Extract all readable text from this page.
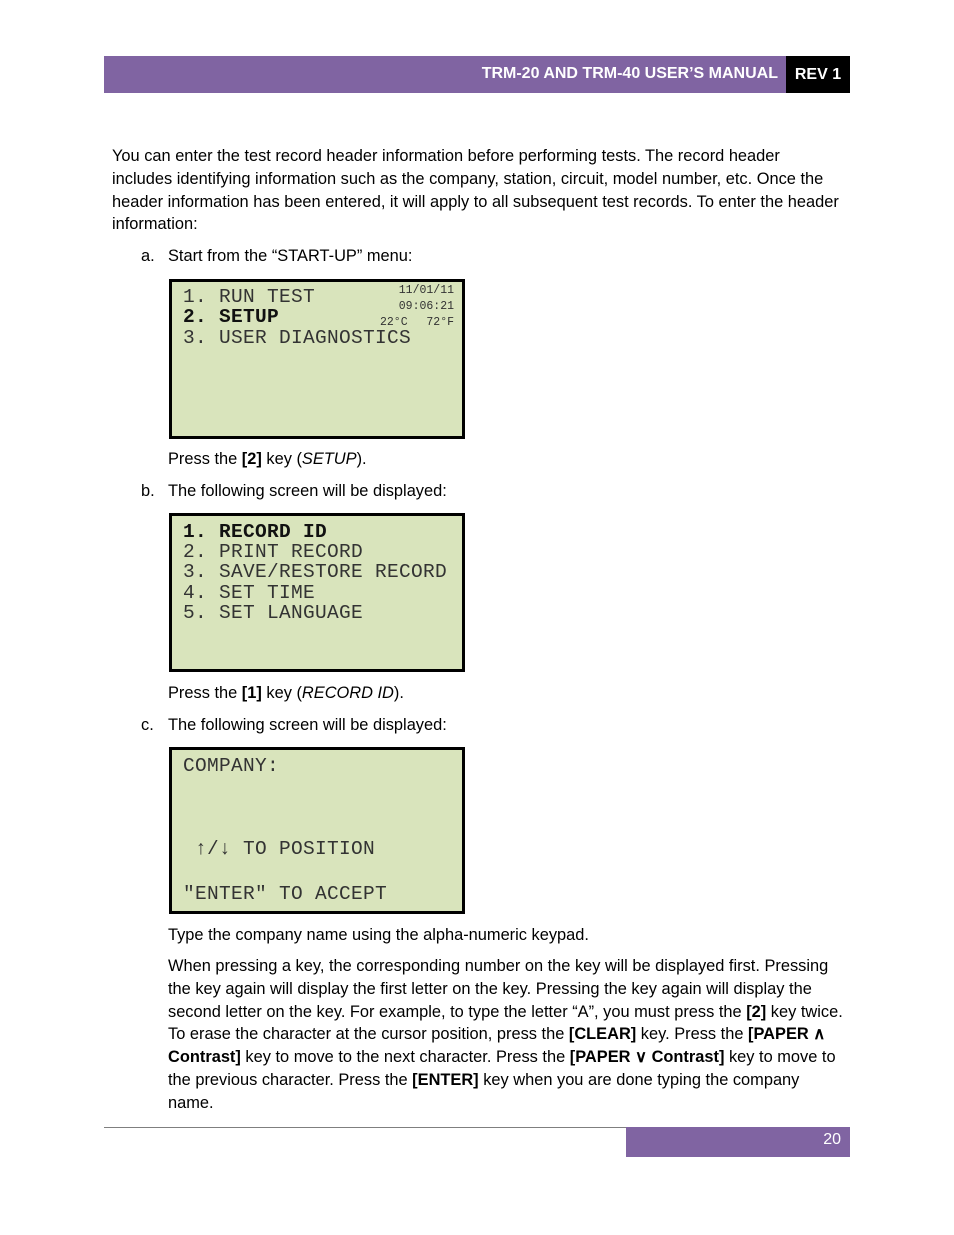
TRM-20 AND TRM-40 USER’S MANUAL	REV 1
You can enter the test record header information before performing tests. The record header includes identifying information such as the company, station, circuit, model number, etc. Once the header information has been entered, it will apply to all subsequent test records. To enter the header information:
a. Start from the “START-UP” menu:
1. RUN TEST
2. SETUP
3. USER DIAGNOSTICS
11/01/11
09:06:21
22°C 72°F
Press the [2] key (SETUP).
b. The following screen will be displayed:
1. RECORD ID
2. PRINT RECORD
3. SAVE/RESTORE RECORD
4. SET TIME
5. SET LANGUAGE
Press the [1] key (RECORD ID).
c. The following screen will be displayed:
COMPANY:
↑/↓ TO POSITION
"ENTER" TO ACCEPT
Type the company name using the alpha-numeric keypad.
When pressing a key, the corresponding number on the key will be displayed first. Pressing the key again will display the first letter on the key. Pressing the key again will display the second letter on the key. For example, to type the letter “A”, you must press the [2] key twice. To erase the character at the cursor position, press the [CLEAR] key. Press the [PAPER ∧ Contrast] key to move to the next character. Press the [PAPER ∨ Contrast] key to move to the previous character. Press the [ENTER] key when you are done typing the company name.
20
